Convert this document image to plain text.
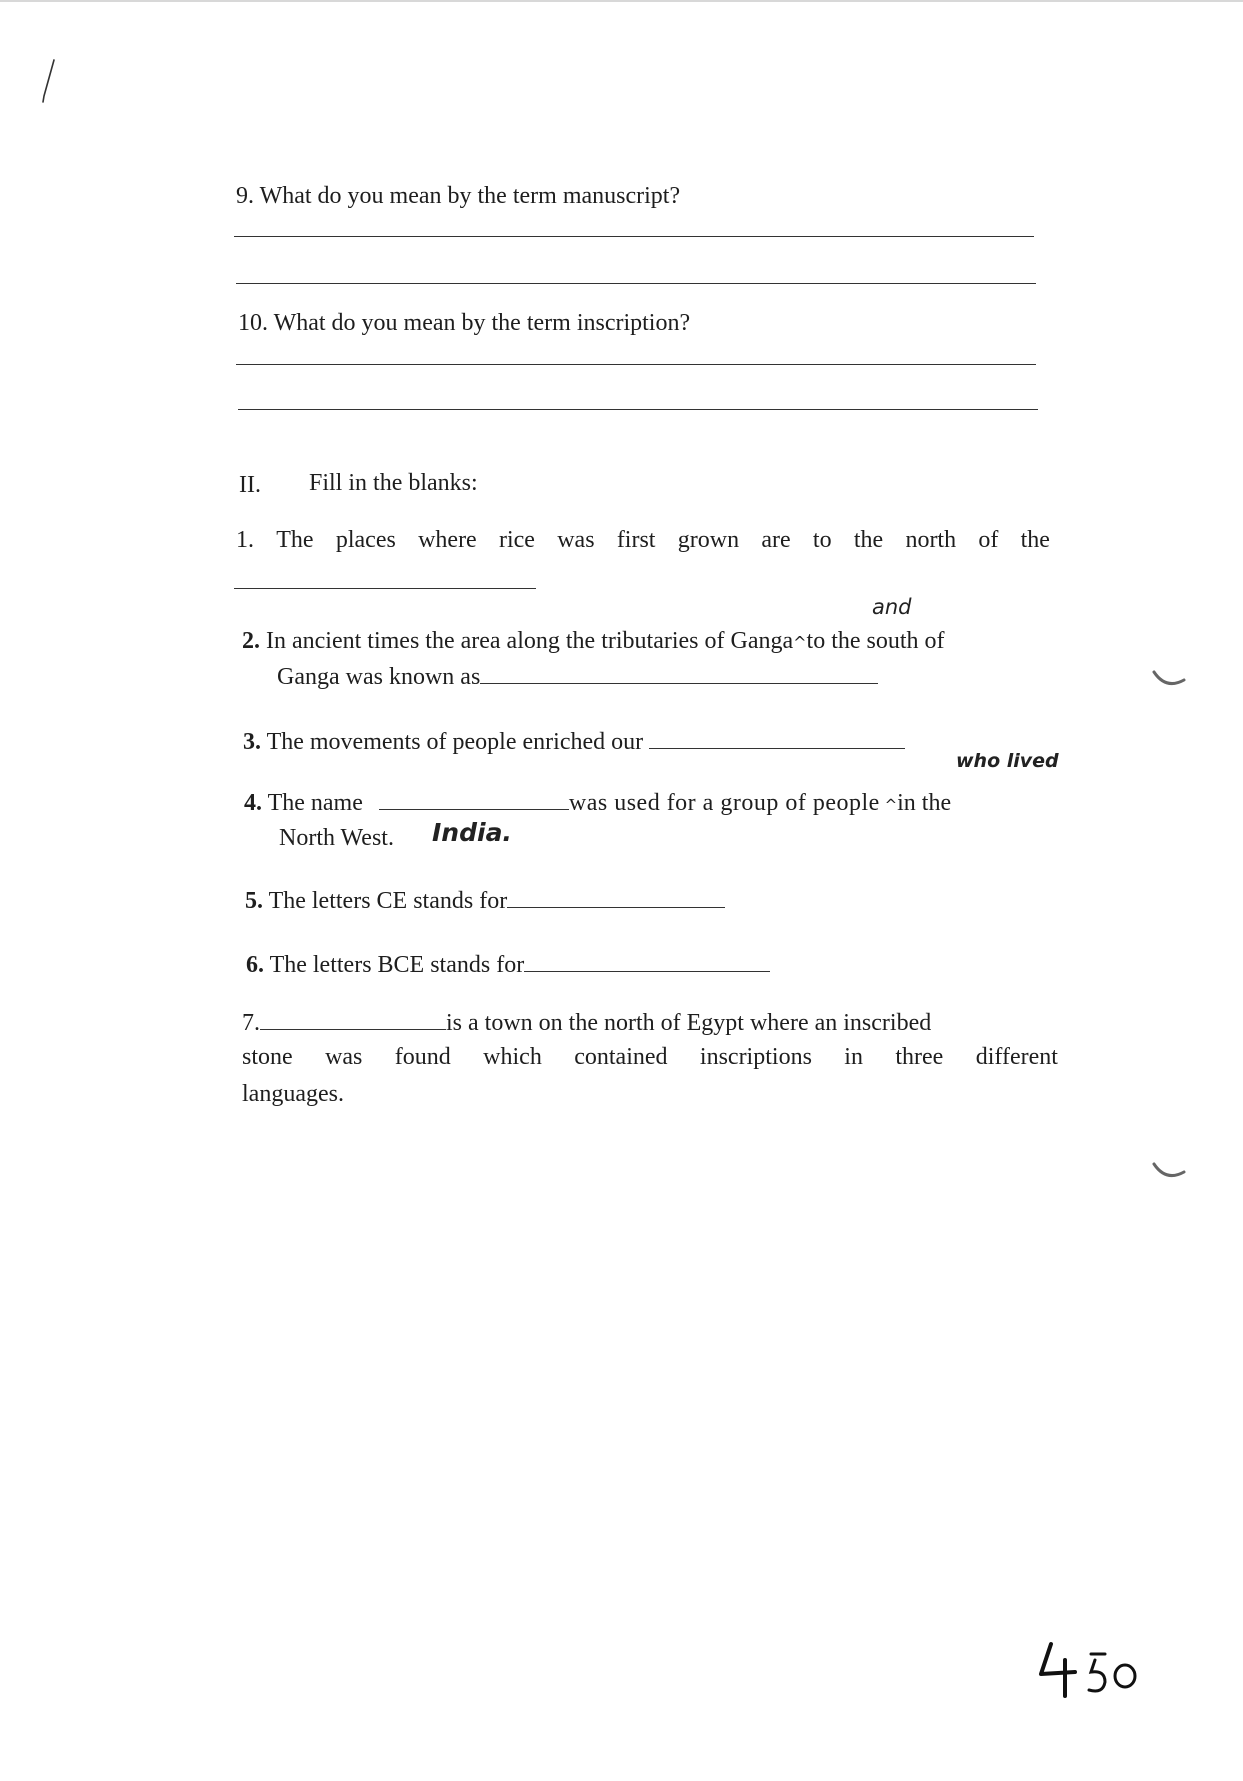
9. What do you mean by the term manuscript?
10. What do you mean by the term inscription?
II. Fill in the blanks:
1. The places where rice was first grown are to the north of the
and
2. In ancient times the area along the tributaries of Ganga^to the south of
Ganga was known as
3. The movements of people enriched our
who lived
4. The name	was used for a group of people ^in the
North West. India.
5. The letters CE stands for
6. The letters BCE stands for
7.	is a town on the north of Egypt where an inscribed
stone was found which contained inscriptions in three different
languages.
450
